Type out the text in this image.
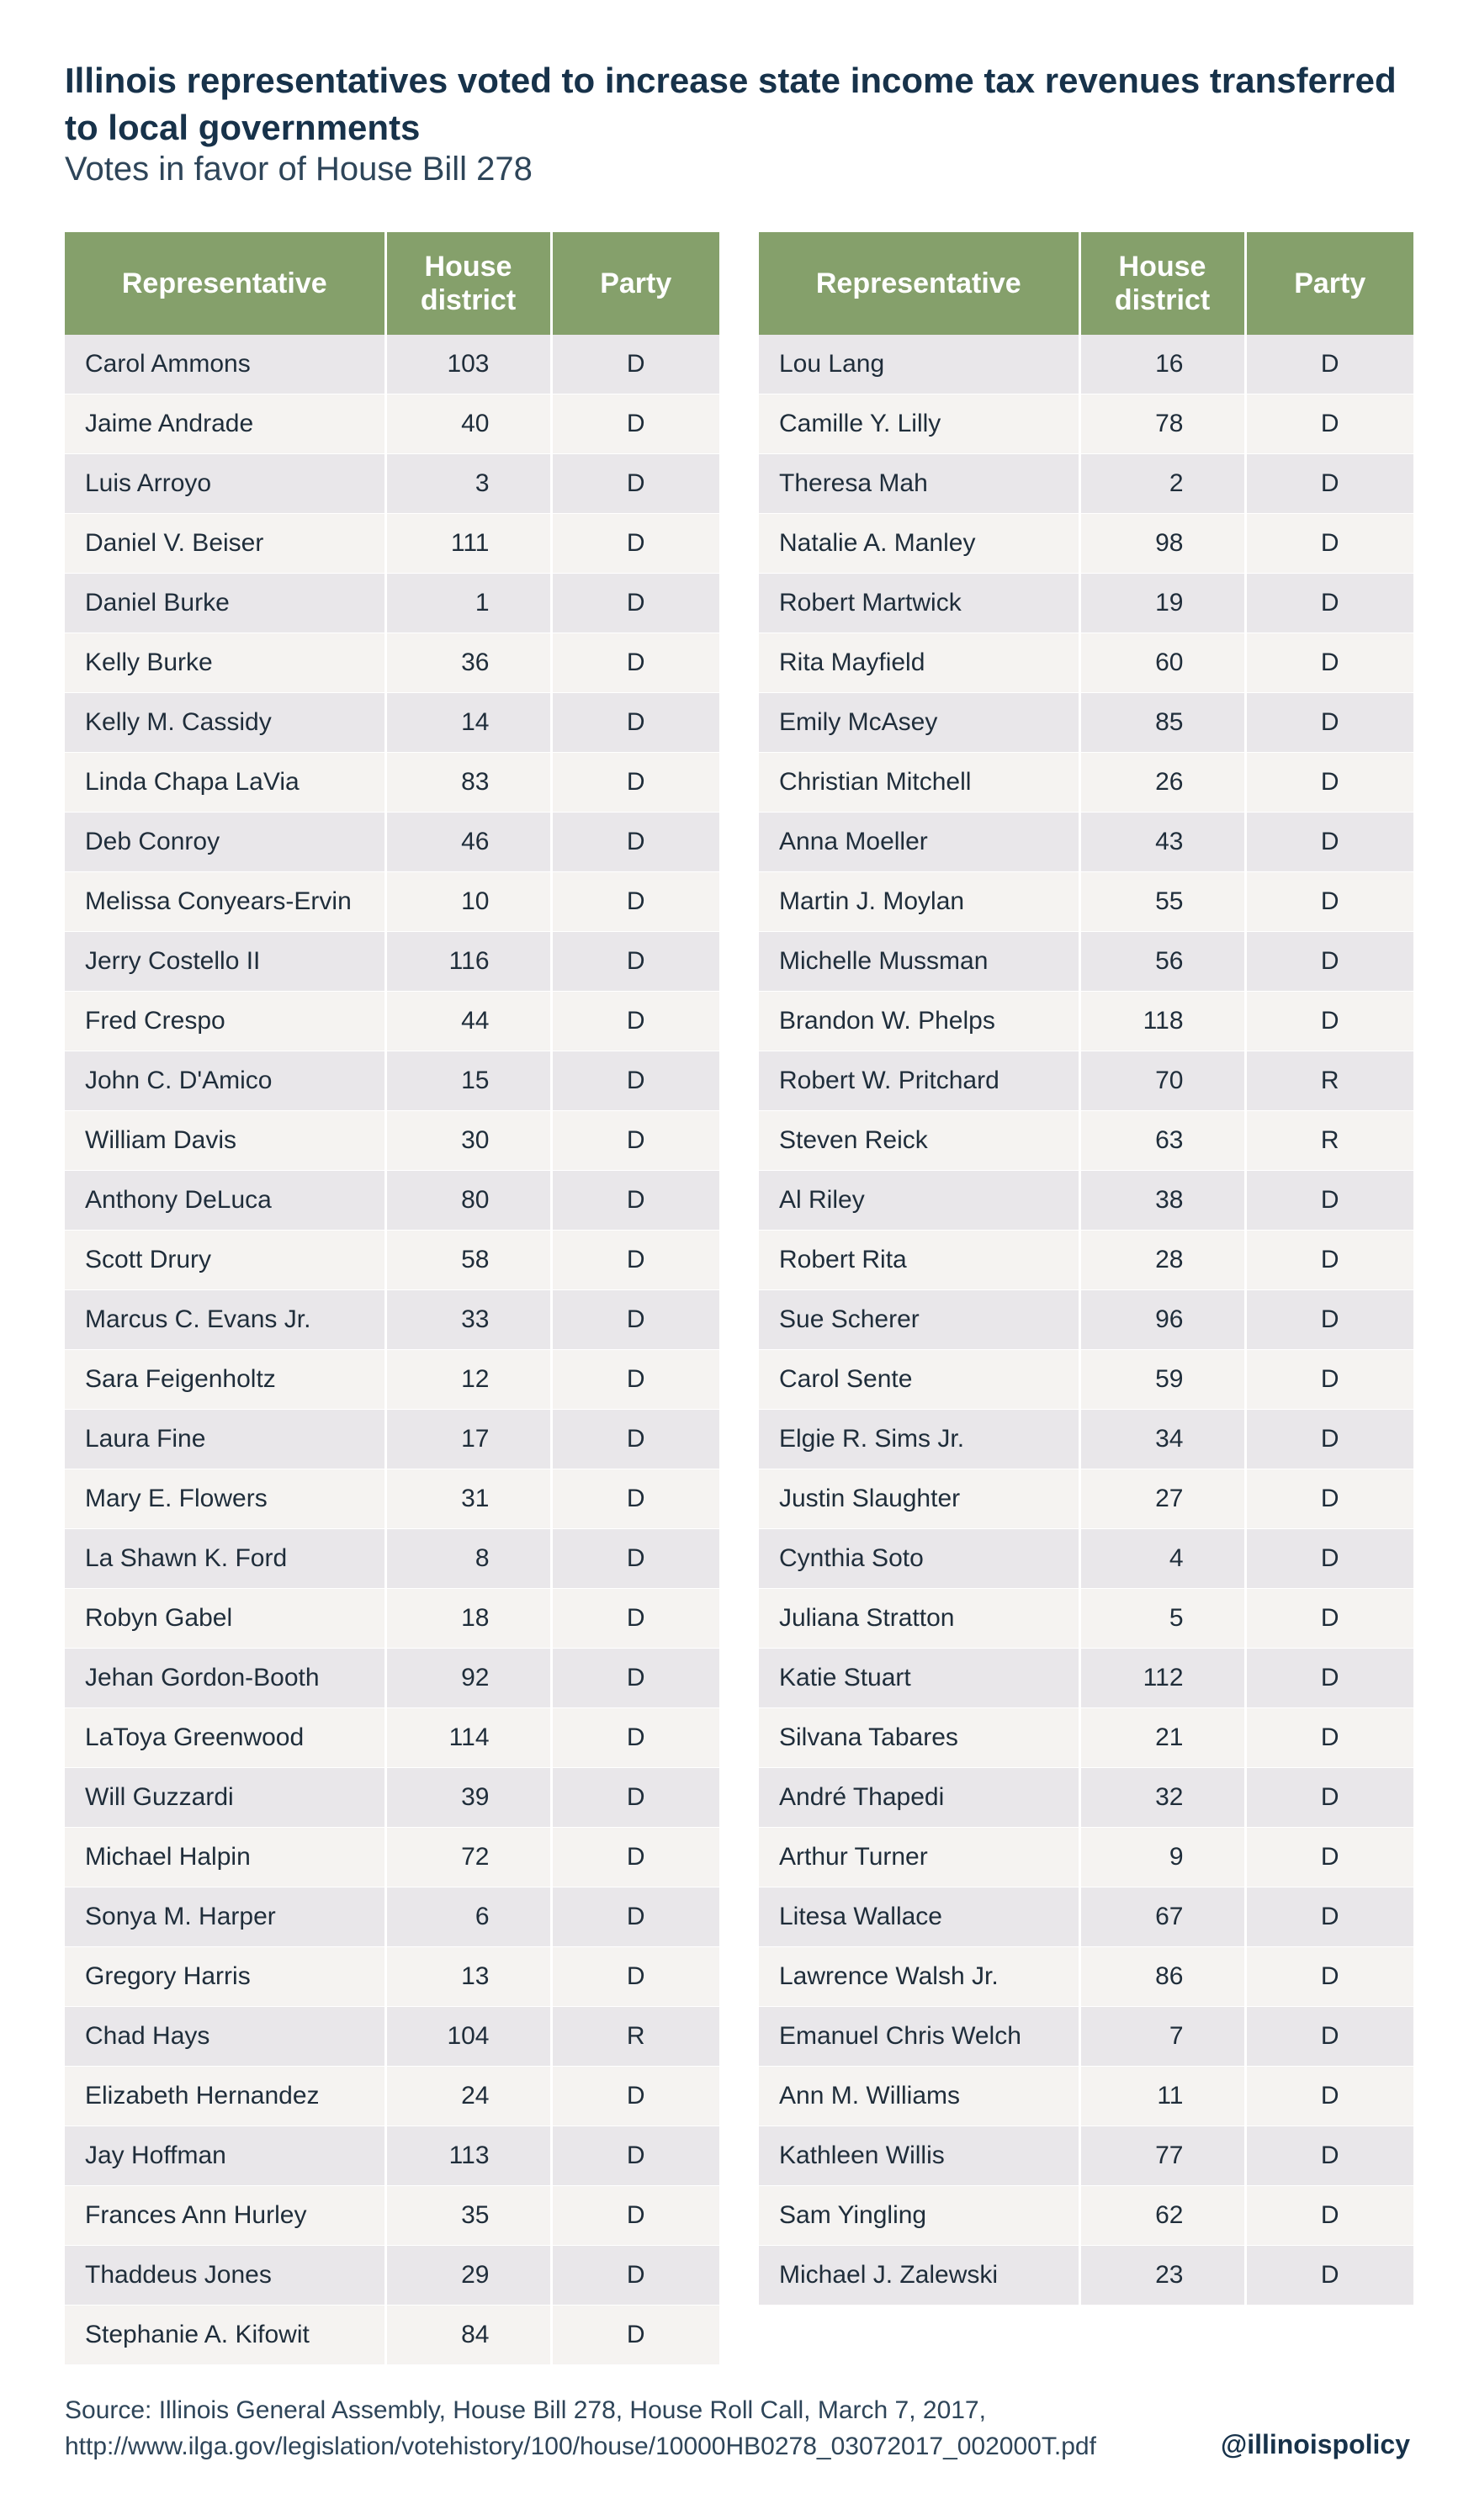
Illinois representatives voted to increase state income tax revenues transferred to local governments

Votes in favor of House Bill 278

Representative	House district	Party
Carol Ammons	103	D
Jaime Andrade	40	D
Luis Arroyo	3	D
Daniel V. Beiser	111	D
Daniel Burke	1	D
Kelly Burke	36	D
Kelly M. Cassidy	14	D
Linda Chapa LaVia	83	D
Deb Conroy	46	D
Melissa Conyears-Ervin	10	D
Jerry Costello II	116	D
Fred Crespo	44	D
John C. D'Amico	15	D
William Davis	30	D
Anthony DeLuca	80	D
Scott Drury	58	D
Marcus C. Evans Jr.	33	D
Sara Feigenholtz	12	D
Laura Fine	17	D
Mary E. Flowers	31	D
La Shawn K. Ford	8	D
Robyn Gabel	18	D
Jehan Gordon-Booth	92	D
LaToya Greenwood	114	D
Will Guzzardi	39	D
Michael Halpin	72	D
Sonya M. Harper	6	D
Gregory Harris	13	D
Chad Hays	104	R
Elizabeth Hernandez	24	D
Jay Hoffman	113	D
Frances Ann Hurley	35	D
Thaddeus Jones	29	D
Stephanie A. Kifowit	84	D
Representative	House district	Party
Lou Lang	16	D
Camille Y. Lilly	78	D
Theresa Mah	2	D
Natalie A. Manley	98	D
Robert Martwick	19	D
Rita Mayfield	60	D
Emily McAsey	85	D
Christian Mitchell	26	D
Anna Moeller	43	D
Martin J. Moylan	55	D
Michelle Mussman	56	D
Brandon W. Phelps	118	D
Robert W. Pritchard	70	R
Steven Reick	63	R
Al Riley	38	D
Robert Rita	28	D
Sue Scherer	96	D
Carol Sente	59	D
Elgie R. Sims Jr.	34	D
Justin Slaughter	27	D
Cynthia Soto	4	D
Juliana Stratton	5	D
Katie Stuart	112	D
Silvana Tabares	21	D
André Thapedi	32	D
Arthur Turner	9	D
Litesa Wallace	67	D
Lawrence Walsh Jr.	86	D
Emanuel Chris Welch	7	D
Ann M. Williams	11	D
Kathleen Willis	77	D
Sam Yingling	62	D
Michael J. Zalewski	23	D

Source: Illinois General Assembly, House Bill 278, House Roll Call, March 7, 2017, http://www.ilga.gov/legislation/votehistory/100/house/10000HB0278_03072017_002000T.pdf	@illinoispolicy
